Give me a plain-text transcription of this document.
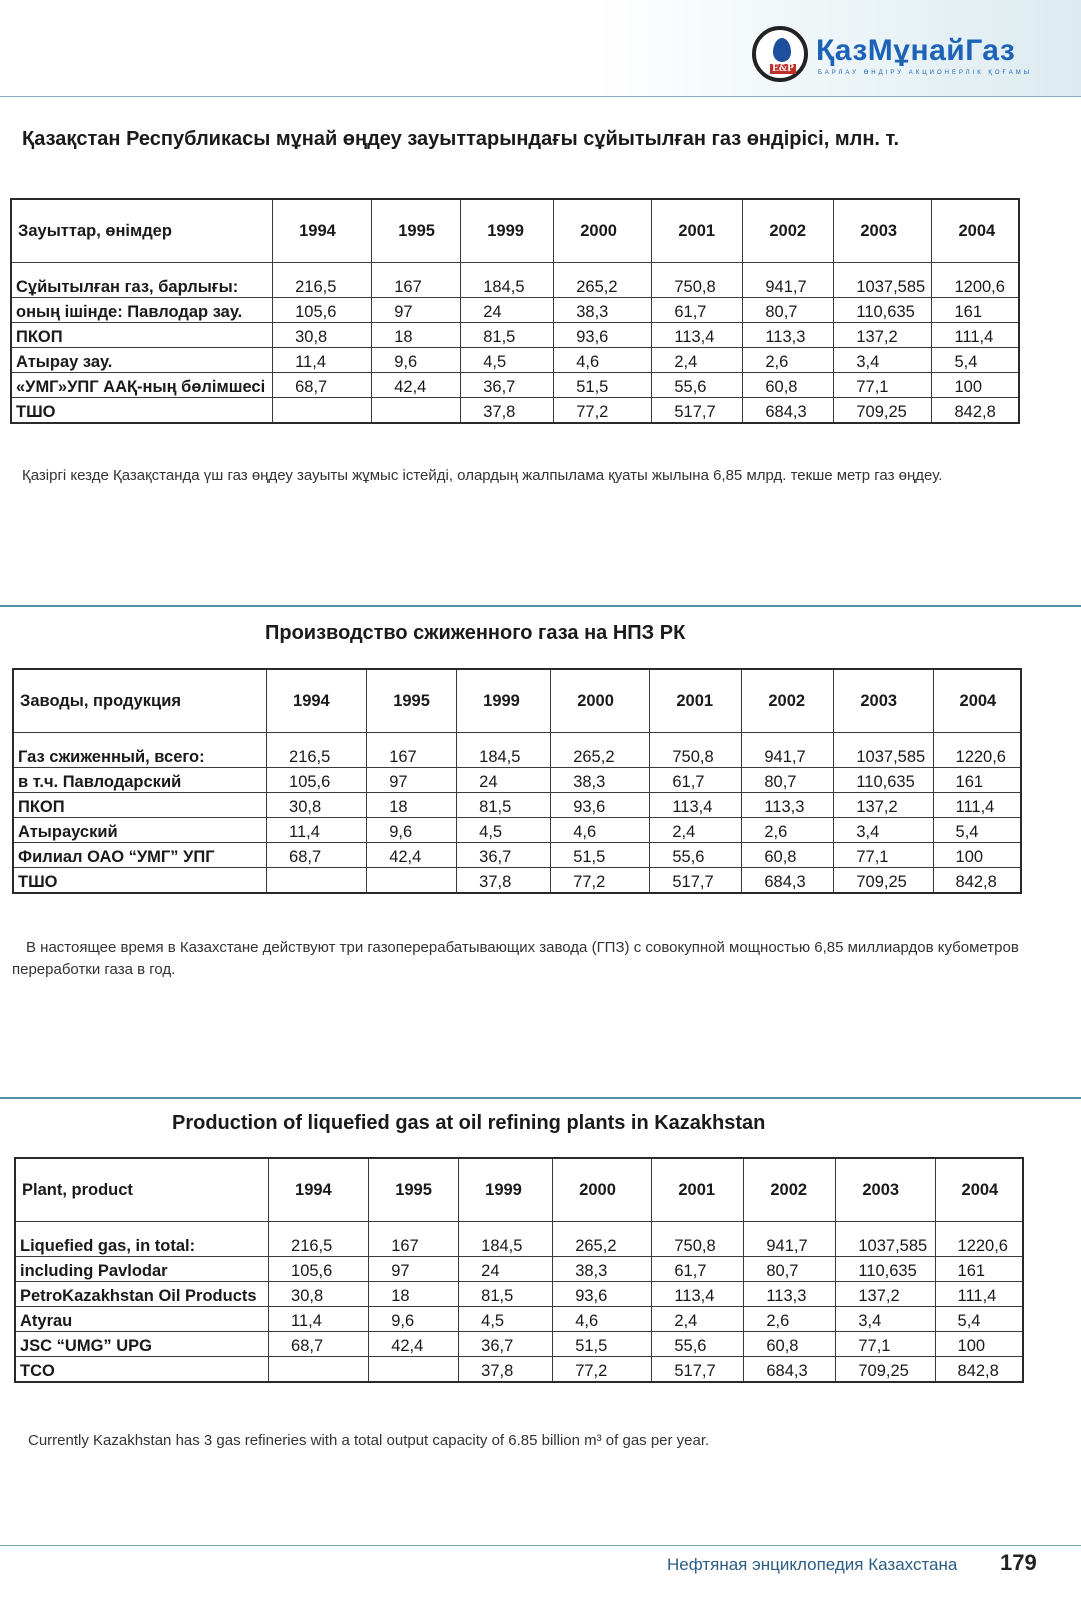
E&P
ҚазМұнайГаз
БАРЛАУ ӨНДІРУ АКЦИОНЕРЛІК ҚОҒАМЫ
Қазақстан Республикасы мұнай өңдеу зауыттарындағы сұйытылған газ өндірісі, млн. т.
Зауыттар, өнімдер	1994	1995	1999	2000	2001	2002	2003	2004
Сұйытылған газ, барлығы:	216,5	167	184,5	265,2	750,8	941,7	1037,585	1200,6
оның ішінде: Павлодар зау.	105,6	97	24	38,3	61,7	80,7	110,635	161
ПКОП	30,8	18	81,5	93,6	113,4	113,3	137,2	111,4
Атырау зау.	11,4	9,6	4,5	4,6	2,4	2,6	3,4	5,4
«УМГ»УПГ ААҚ-ның бөлімшесі	68,7	42,4	36,7	51,5	55,6	60,8	77,1	100
ТШО			37,8	77,2	517,7	684,3	709,25	842,8
Қазіргі кезде Қазақстанда үш газ өңдеу зауыты жұмыс істейді, олардың жалпылама қуаты жылына 6,85 млрд. текше метр газ өңдеу.
Производство сжиженного газа на НПЗ РК
Заводы, продукция	1994	1995	1999	2000	2001	2002	2003	2004
Газ сжиженный, всего:	216,5	167	184,5	265,2	750,8	941,7	1037,585	1220,6
в т.ч. Павлодарский	105,6	97	24	38,3	61,7	80,7	110,635	161
ПКОП	30,8	18	81,5	93,6	113,4	113,3	137,2	111,4
Атырауский	11,4	9,6	4,5	4,6	2,4	2,6	3,4	5,4
Филиал ОАО “УМГ” УПГ	68,7	42,4	36,7	51,5	55,6	60,8	77,1	100
ТШО			37,8	77,2	517,7	684,3	709,25	842,8
В настоящее время в Казахстане действуют три газоперерабатывающих завода (ГПЗ) с совокупной мощностью 6,85 миллиардов кубометров переработки газа в год.
Production of liquefied gas at oil refining plants in Kazakhstan
Plant, product	1994	1995	1999	2000	2001	2002	2003	2004
Liquefied gas, in total:	216,5	167	184,5	265,2	750,8	941,7	1037,585	1220,6
including Pavlodar	105,6	97	24	38,3	61,7	80,7	110,635	161
PetroKazakhstan Oil Products	30,8	18	81,5	93,6	113,4	113,3	137,2	111,4
Atyrau	11,4	9,6	4,5	4,6	2,4	2,6	3,4	5,4
JSC “UMG” UPG	68,7	42,4	36,7	51,5	55,6	60,8	77,1	100
TCO			37,8	77,2	517,7	684,3	709,25	842,8
Currently Kazakhstan has 3 gas refineries with a total output capacity of 6.85 billion m³ of gas per year.
Нефтяная энциклопедия Казахстана 179
